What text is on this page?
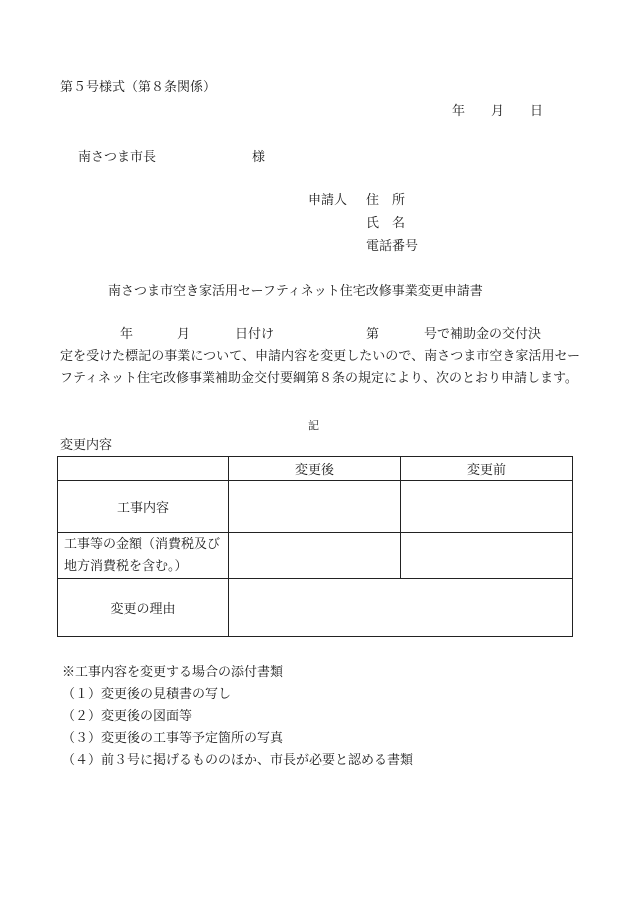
第５号様式（第８条関係）
年　　月　　日
南さつま市長	様
申請人 住　所
氏　名
電話番号
南さつま市空き家活用セーフティネット住宅改修事業変更申請書
年	月	日付け	第	号で補助金の交付決
定を受けた標記の事業について、申請内容を変更したいので、南さつま市空き家活用セーフティネット住宅改修事業補助金交付要綱第８条の規定により、次のとおり申請します。
記
変更内容
	変更後	変更前
工事内容		
工事等の金額（消費税及び地方消費税を含む。）		
変更の理由		
※工事内容を変更する場合の添付書類
（１）変更後の見積書の写し
（２）変更後の図面等
（３）変更後の工事等予定箇所の写真
（４）前３号に掲げるもののほか、市長が必要と認める書類
